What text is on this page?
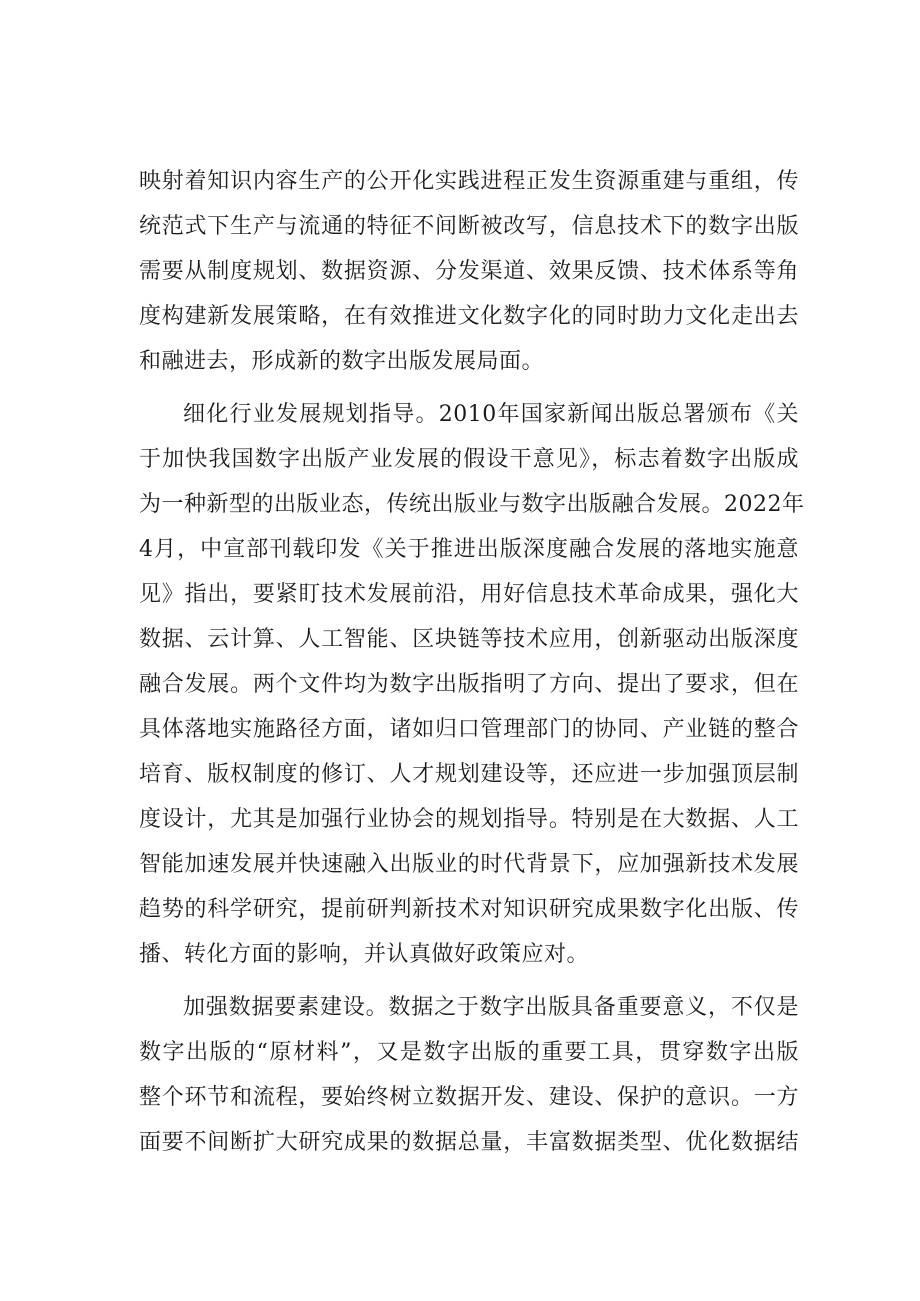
映射着知识内容生产的公开化实践进程正发生资源重建与重组，传
统范式下生产与流通的特征不间断被改写，信息技术下的数字出版
需要从制度规划、数据资源、分发渠道、效果反馈、技术体系等角
度构建新发展策略，在有效推进文化数字化的同时助力文化走出去
和融进去，形成新的数字出版发展局面。
细化行业发展规划指导。2010年国家新闻出版总署颁布《关
于加快我国数字出版产业发展的假设干意见》，标志着数字出版成
为一种新型的出版业态，传统出版业与数字出版融合发展。2022年
4月，中宣部刊载印发《关于推进出版深度融合发展的落地实施意
见》指出，要紧盯技术发展前沿，用好信息技术革命成果，强化大
数据、云计算、人工智能、区块链等技术应用，创新驱动出版深度
融合发展。两个文件均为数字出版指明了方向、提出了要求，但在
具体落地实施路径方面，诸如归口管理部门的协同、产业链的整合
培育、版权制度的修订、人才规划建设等，还应进一步加强顶层制
度设计，尤其是加强行业协会的规划指导。特别是在大数据、人工
智能加速发展并快速融入出版业的时代背景下，应加强新技术发展
趋势的科学研究，提前研判新技术对知识研究成果数字化出版、传
播、转化方面的影响，并认真做好政策应对。
加强数据要素建设。数据之于数字出版具备重要意义，不仅是
数字出版的“原材料”，又是数字出版的重要工具，贯穿数字出版
整个环节和流程，要始终树立数据开发、建设、保护的意识。一方
面要不间断扩大研究成果的数据总量，丰富数据类型、优化数据结
